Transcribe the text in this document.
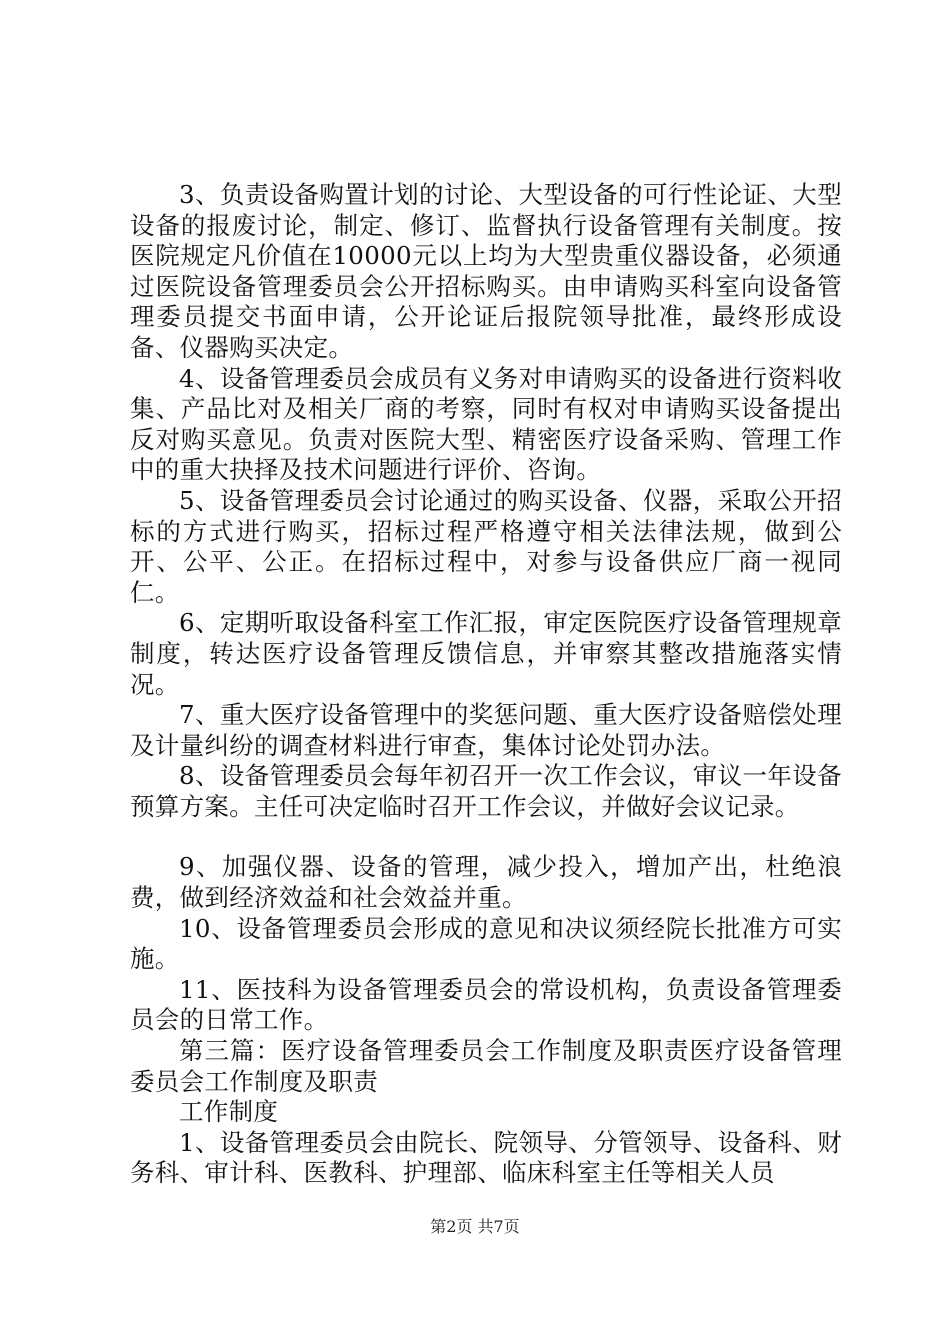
3、负责设备购置计划的讨论、大型设备的可行性论证、大型设备的报废讨论，制定、修订、监督执行设备管理有关制度。按医院规定凡价值在10000元以上均为大型贵重仪器设备，必须通过医院设备管理委员会公开招标购买。由申请购买科室向设备管理委员提交书面申请，公开论证后报院领导批准，最终形成设备、仪器购买决定。

4、设备管理委员会成员有义务对申请购买的设备进行资料收集、产品比对及相关厂商的考察，同时有权对申请购买设备提出反对购买意见。负责对医院大型、精密医疗设备采购、管理工作中的重大抉择及技术问题进行评价、咨询。

5、设备管理委员会讨论通过的购买设备、仪器，采取公开招标的方式进行购买，招标过程严格遵守相关法律法规，做到公开、公平、公正。在招标过程中，对参与设备供应厂商一视同仁。

6、定期听取设备科室工作汇报，审定医院医疗设备管理规章制度，转达医疗设备管理反馈信息，并审察其整改措施落实情况。

7、重大医疗设备管理中的奖惩问题、重大医疗设备赔偿处理及计量纠纷的调查材料进行审查，集体讨论处罚办法。

8、设备管理委员会每年初召开一次工作会议，审议一年设备预算方案。主任可决定临时召开工作会议，并做好会议记录。

9、加强仪器、设备的管理，减少投入，增加产出，杜绝浪费，做到经济效益和社会效益并重。

10、设备管理委员会形成的意见和决议须经院长批准方可实施。

11、医技科为设备管理委员会的常设机构，负责设备管理委员会的日常工作。

第三篇：医疗设备管理委员会工作制度及职责医疗设备管理委员会工作制度及职责

工作制度

1、设备管理委员会由院长、院领导、分管领导、设备科、财务科、审计科、医教科、护理部、临床科室主任等相关人员

第2页 共7页
